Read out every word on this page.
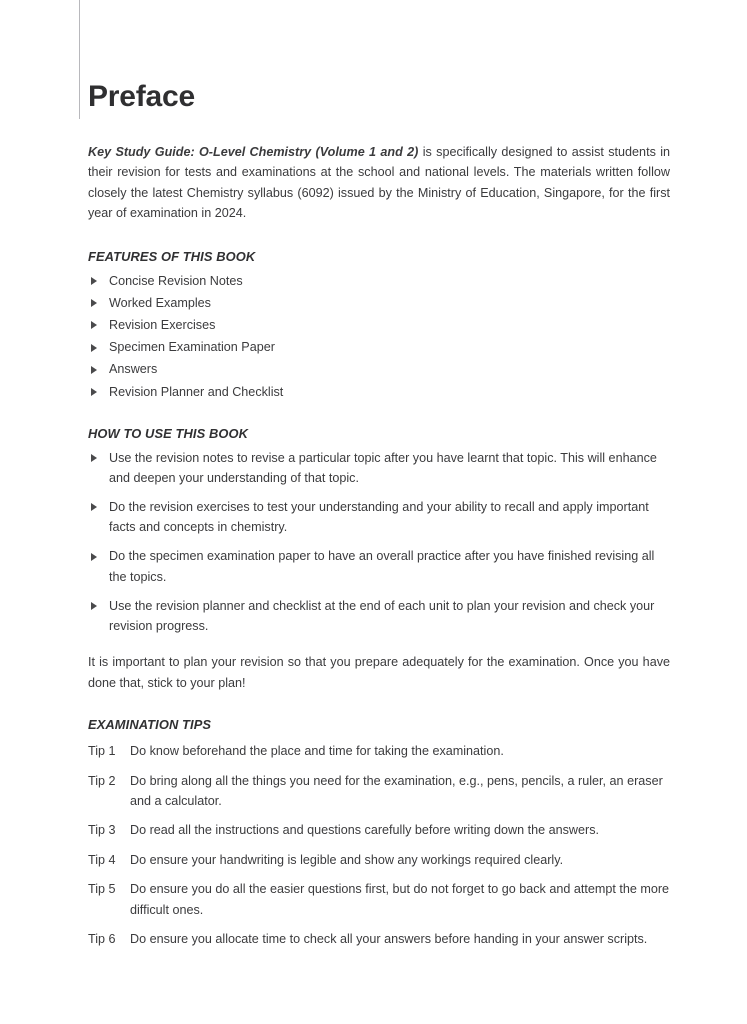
Preface

Key Study Guide: O-Level Chemistry (Volume 1 and 2) is specifically designed to assist students in their revision for tests and examinations at the school and national levels. The materials written follow closely the latest Chemistry syllabus (6092) issued by the Ministry of Education, Singapore, for the first year of examination in 2024.

FEATURES OF THIS BOOK
Concise Revision Notes
Worked Examples
Revision Exercises
Specimen Examination Paper
Answers
Revision Planner and Checklist
HOW TO USE THIS BOOK
Use the revision notes to revise a particular topic after you have learnt that topic. This will enhance and deepen your understanding of that topic.
Do the revision exercises to test your understanding and your ability to recall and apply important facts and concepts in chemistry.
Do the specimen examination paper to have an overall practice after you have finished revising all the topics.
Use the revision planner and checklist at the end of each unit to plan your revision and check your revision progress.

It is important to plan your revision so that you prepare adequately for the examination. Once you have done that, stick to your plan!

EXAMINATION TIPS
Tip 1	Do know beforehand the place and time for taking the examination.
Tip 2	Do bring along all the things you need for the examination, e.g., pens, pencils, a ruler, an eraser and a calculator.
Tip 3	Do read all the instructions and questions carefully before writing down the answers.
Tip 4	Do ensure your handwriting is legible and show any workings required clearly.
Tip 5	Do ensure you do all the easier questions first, but do not forget to go back and attempt the more difficult ones.
Tip 6	Do ensure you allocate time to check all your answers before handing in your answer scripts.
